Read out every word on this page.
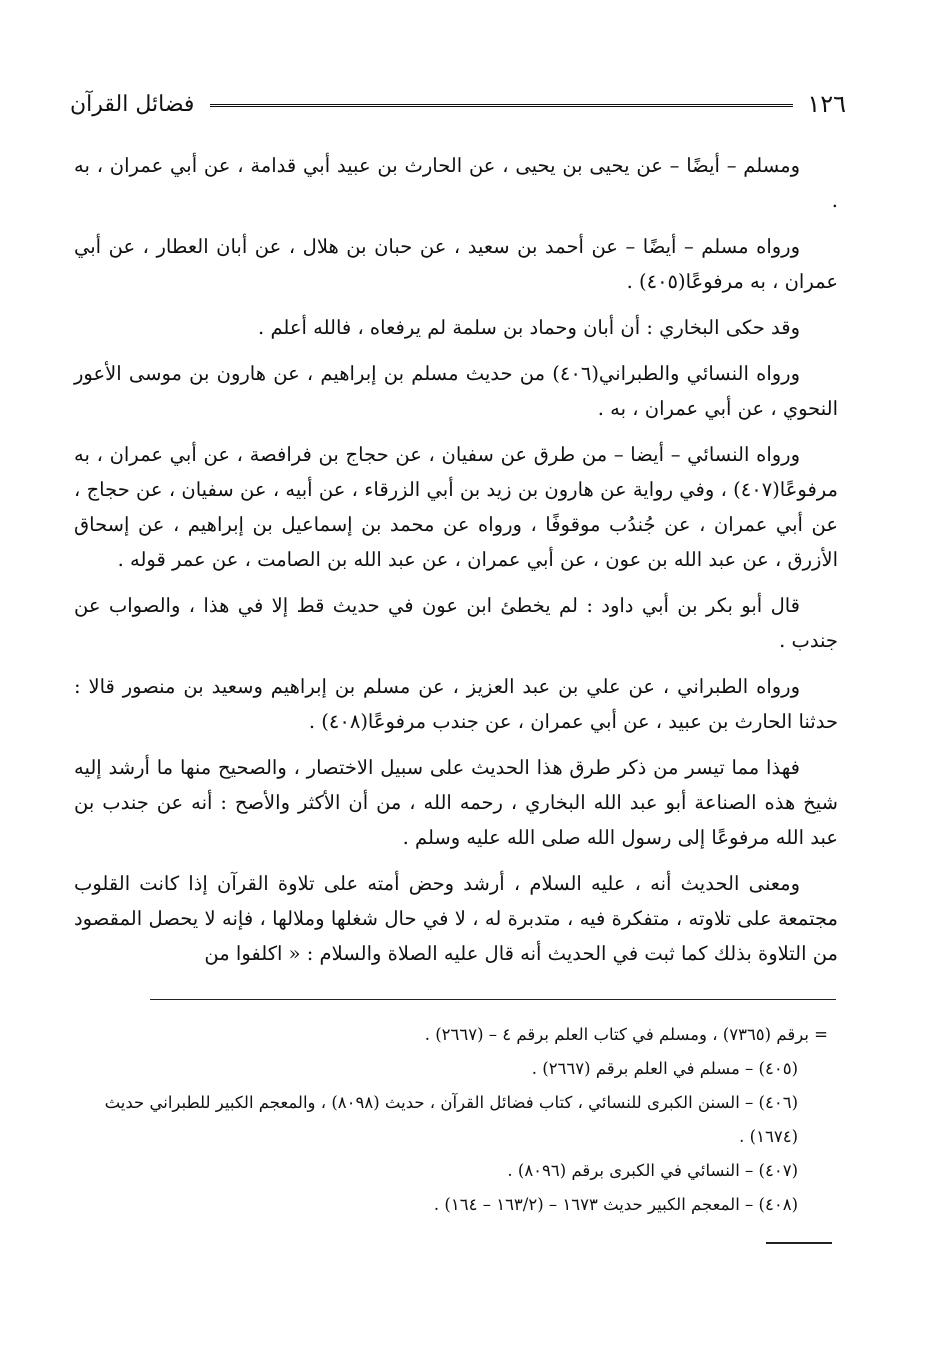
١٢٦
فضائل القرآن

ومسلم – أيضًا – عن يحيى بن يحيى ، عن الحارث بن عبيد أبي قدامة ، عن أبي عمران ، به .

ورواه مسلم – أيضًا – عن أحمد بن سعيد ، عن حبان بن هلال ، عن أبان العطار ، عن أبي عمران ، به مرفوعًا(٤٠٥) .

وقد حكى البخاري : أن أبان وحماد بن سلمة لم يرفعاه ، فالله أعلم .

ورواه النسائي والطبراني(٤٠٦) من حديث مسلم بن إبراهيم ، عن هارون بن موسى الأعور النحوي ، عن أبي عمران ، به .

ورواه النسائي – أيضا – من طرق عن سفيان ، عن حجاج بن فرافصة ، عن أبي عمران ، به مرفوعًا(٤٠٧) ، وفي رواية عن هارون بن زيد بن أبي الزرقاء ، عن أبيه ، عن سفيان ، عن حجاج ، عن أبي عمران ، عن جُندُب موقوفًا ، ورواه عن محمد بن إسماعيل بن إبراهيم ، عن إسحاق الأزرق ، عن عبد الله بن عون ، عن أبي عمران ، عن عبد الله بن الصامت ، عن عمر قوله .

قال أبو بكر بن أبي داود : لم يخطئ ابن عون في حديث قط إلا في هذا ، والصواب عن جندب .

ورواه الطبراني ، عن علي بن عبد العزيز ، عن مسلم بن إبراهيم وسعيد بن منصور قالا : حدثنا الحارث بن عبيد ، عن أبي عمران ، عن جندب مرفوعًا(٤٠٨) .

فهذا مما تيسر من ذكر طرق هذا الحديث على سبيل الاختصار ، والصحيح منها ما أرشد إليه شيخ هذه الصناعة أبو عبد الله البخاري ، رحمه الله ، من أن الأكثر والأصح : أنه عن جندب بن عبد الله مرفوعًا إلى رسول الله صلى الله عليه وسلم .

ومعنى الحديث أنه ، عليه السلام ، أرشد وحض أمته على تلاوة القرآن إذا كانت القلوب مجتمعة على تلاوته ، متفكرة فيه ، متدبرة له ، لا في حال شغلها وملالها ، فإنه لا يحصل المقصود من التلاوة بذلك كما ثبت في الحديث أنه قال عليه الصلاة والسلام : « اكلفوا من

= برقم (٧٣٦٥) ، ومسلم في كتاب العلم برقم ٤ – (٢٦٦٧) .

(٤٠٥) – مسلم في العلم برقم (٢٦٦٧) .

(٤٠٦) – السنن الكبرى للنسائي ، كتاب فضائل القرآن ، حديث (٨٠٩٨) ، والمعجم الكبير للطبراني حديث (١٦٧٤) .

(٤٠٧) – النسائي في الكبرى برقم (٨٠٩٦) .

(٤٠٨) – المعجم الكبير حديث ١٦٧٣ – (١٦٣/٢ – ١٦٤) .
